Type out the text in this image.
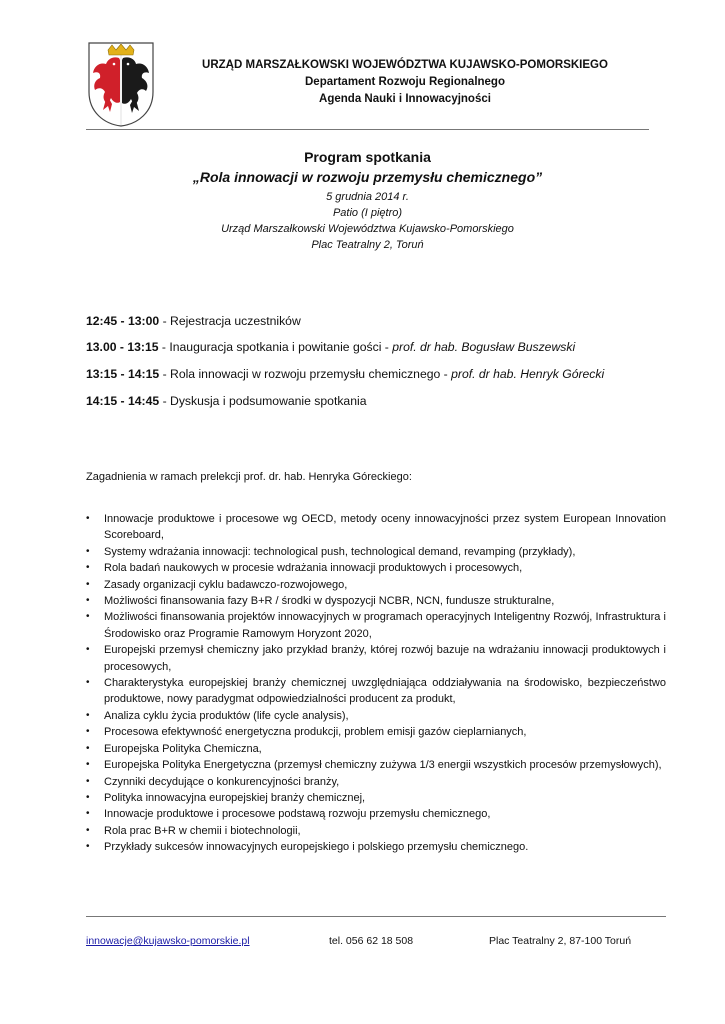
URZĄD MARSZAŁKOWSKI WOJEWÓDZTWA KUJAWSKO-POMORSKIEGO
Departament Rozwoju Regionalnego
Agenda Nauki i Innowacyjności
Program spotkania
„Rola innowacji w rozwoju przemysłu chemicznego”
5 grudnia 2014 r.
Patio (I piętro)
Urząd Marszałkowski Województwa Kujawsko-Pomorskiego
Plac Teatralny 2, Toruń
12:45 - 13:00 - Rejestracja uczestników
13.00 - 13:15 - Inauguracja spotkania i powitanie gości - prof. dr hab. Bogusław Buszewski
13:15 - 14:15 - Rola innowacji w rozwoju przemysłu chemicznego - prof. dr hab. Henryk Górecki
14:15 - 14:45 - Dyskusja i podsumowanie spotkania
Zagadnienia w ramach prelekcji prof. dr. hab. Henryka Góreckiego:
• Innowacje produktowe i procesowe wg OECD, metody oceny innowacyjności przez system European Innovation Scoreboard,
• Systemy wdrażania innowacji: technological push, technological demand, revamping (przykłady),
• Rola badań naukowych w procesie wdrażania innowacji produktowych i procesowych,
• Zasady organizacji cyklu badawczo-rozwojowego,
• Możliwości finansowania fazy B+R / środki w dyspozycji NCBR, NCN, fundusze strukturalne,
• Możliwości finansowania projektów innowacyjnych w programach operacyjnych Inteligentny Rozwój, Infrastruktura i Środowisko oraz Programie Ramowym Horyzont 2020,
• Europejski przemysł chemiczny jako przykład branży, której rozwój bazuje na wdrażaniu innowacji produktowych i procesowych,
• Charakterystyka europejskiej branży chemicznej uwzględniająca oddziaływania na środowisko, bezpieczeństwo produktowe, nowy paradygmat odpowiedzialności producent za produkt,
• Analiza cyklu życia produktów (life cycle analysis),
• Procesowa efektywność energetyczna produkcji, problem emisji gazów cieplarnianych,
• Europejska Polityka Chemiczna,
• Europejska Polityka Energetyczna (przemysł chemiczny zużywa 1/3 energii wszystkich procesów przemysłowych),
• Czynniki decydujące o konkurencyjności branży,
• Polityka innowacyjna europejskiej branży chemicznej,
• Innowacje produktowe i procesowe podstawą rozwoju przemysłu chemicznego,
• Rola prac B+R w chemii i biotechnologii,
• Przykłady sukcesów innowacyjnych europejskiego i polskiego przemysłu chemicznego.
innowacje@kujawsko-pomorskie.pl	tel. 056 62 18 508	Plac Teatralny 2, 87-100 Toruń
